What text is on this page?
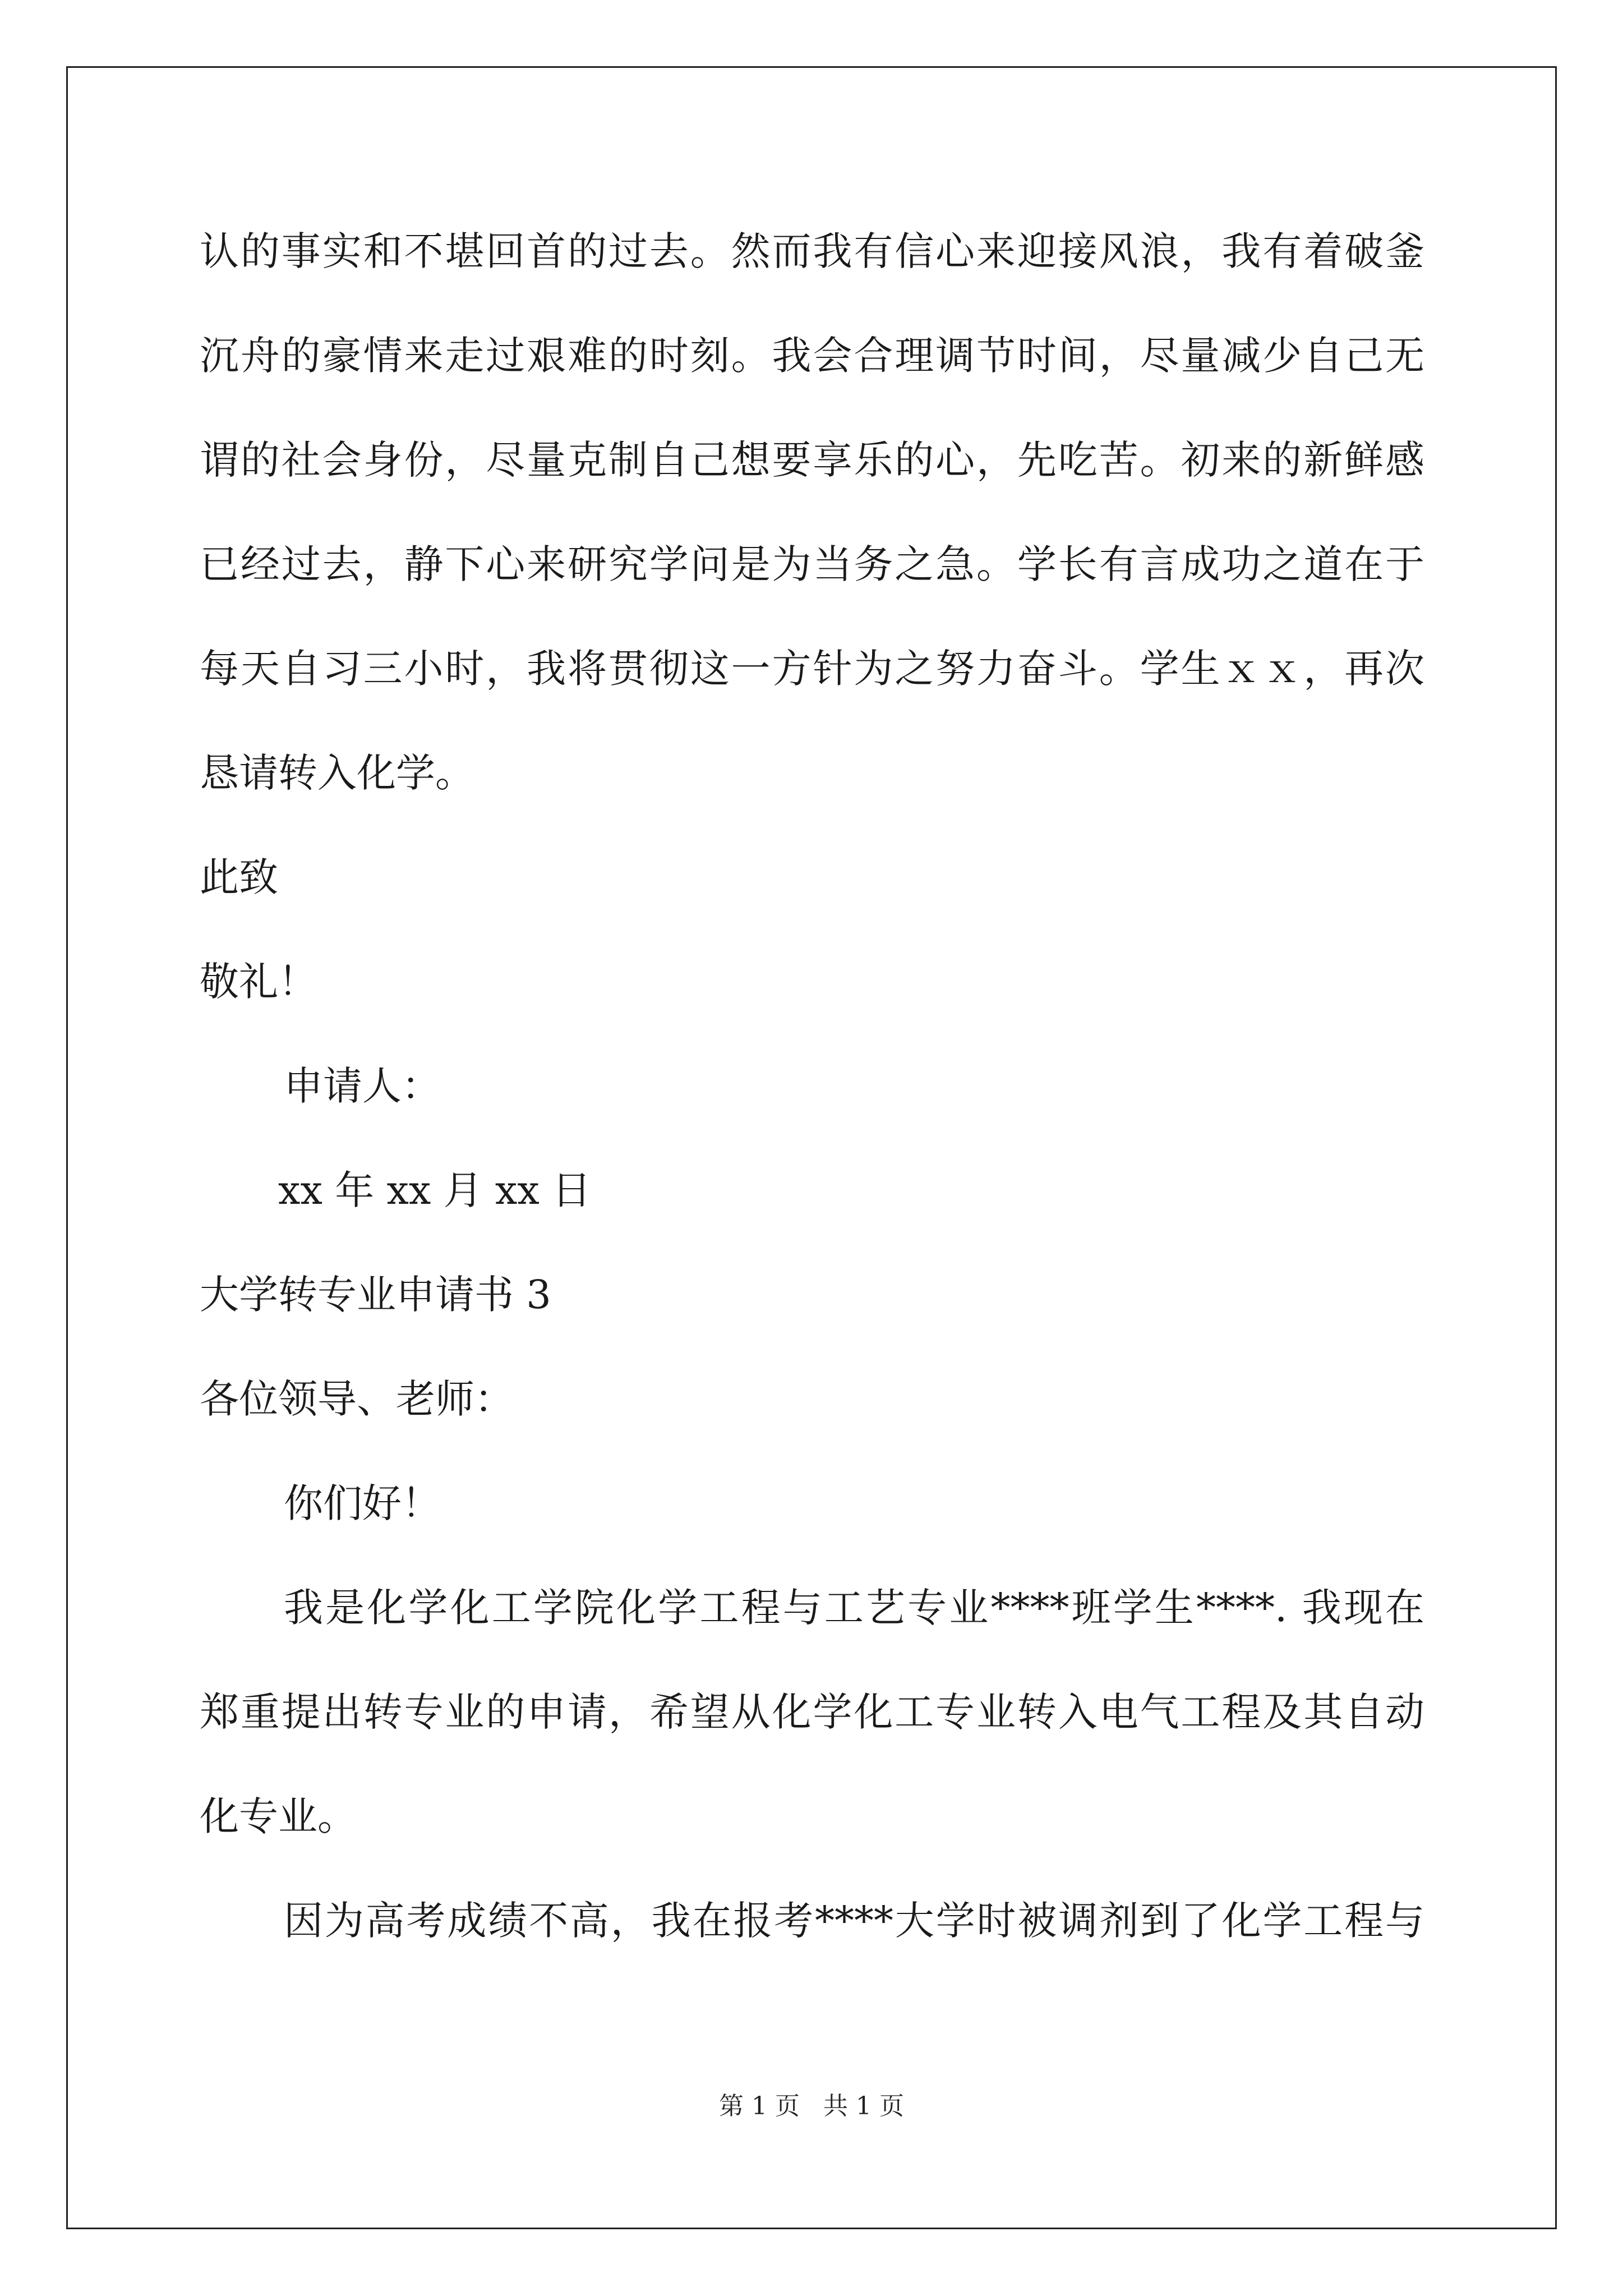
认的事实和不堪回首的过去。然而我有信心来迎接风浪，我有着破釜
沉舟的豪情来走过艰难的时刻。我会合理调节时间，尽量减少自己无
谓的社会身份，尽量克制自己想要享乐的心，先吃苦。初来的新鲜感
已经过去，静下心来研究学问是为当务之急。学长有言成功之道在于
每天自习三小时，我将贯彻这一方针为之努力奋斗。学生ｘｘ，再次
恳请转入化学。
此致
敬礼！
申请人：
xx 年 xx 月 xx 日
大学转专业申请书 3
各位领导、老师：
你们好！
我是化学化工学院化学工程与工艺专业****班学生****. 我现在
郑重提出转专业的申请，希望从化学化工专业转入电气工程及其自动
化专业。
因为高考成绩不高，我在报考****大学时被调剂到了化学工程与
第 1 页 共 1 页
